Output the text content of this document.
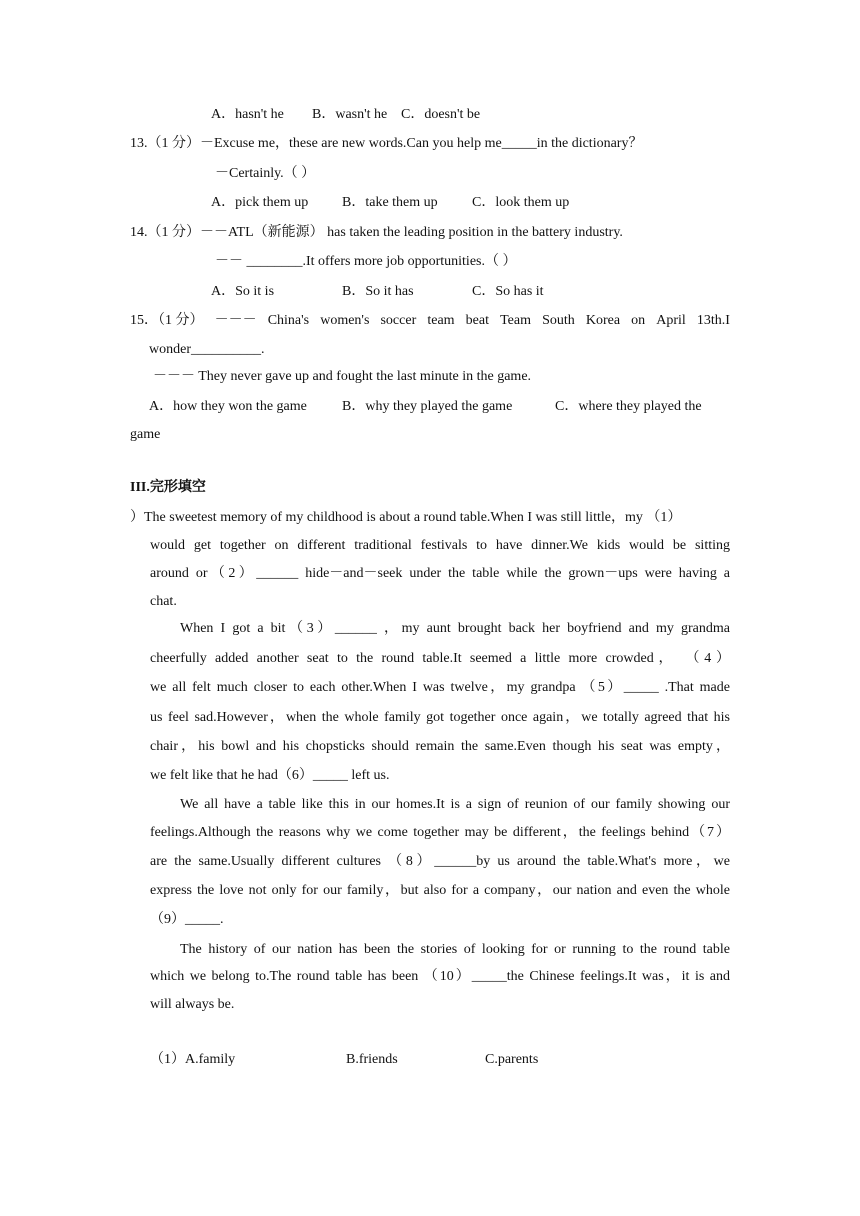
A．hasn't he B．wasn't he C．doesn't be
13.（1 分）－Excuse me，these are new words.Can you help me_____in the dictionary？
－Certainly.（ ）
A．pick them up B．take them up C．look them up
14.（1 分）－－ATL（新能源） has taken the leading position in the battery industry.
－－ ________.It offers more job opportunities.（ ）
A．So it is	B．So it has	C．So has it
15．（1 分） －－－ China's women's soccer team beat Team South Korea on April 13th.I
wonder__________.
－－－ They never gave up and fought the last minute in the game.
A．how they won the game	B．why they played the game	C．where they played the
game
III.完形填空
）The sweetest memory of my childhood is about a round table.When I was still little，my （1）
would get together on different traditional festivals to have dinner.We kids would be sitting
around or（2）______ hide－and－seek under the table while the grown－ups were having a
chat.
When I got a bit（3）______ ，my aunt brought back her boyfriend and my grandma
cheerfully added another seat to the round table.It seemed a little more crowded， （4）
we all felt much closer to each other.When I was twelve，my grandpa （5）_____ .That made
us feel sad.However，when the whole family got together once again，we totally agreed that his
chair，his bowl and his chopsticks should remain the same.Even though his seat was empty，
we felt like that he had（6）_____ left us.
We all have a table like this in our homes.It is a sign of reunion of our family showing our
feelings.Although the reasons why we come together may be different，the feelings behind（7）
are the same.Usually different cultures （8）______by us around the table.What's more，we
express the love not only for our family，but also for a company，our nation and even the whole
（9）_____.
The history of our nation has been the stories of looking for or running to the round table
which we belong to.The round table has been （10）_____the Chinese feelings.It was，it is and
will always be.
（1）A.family	B.friends	C.parents
